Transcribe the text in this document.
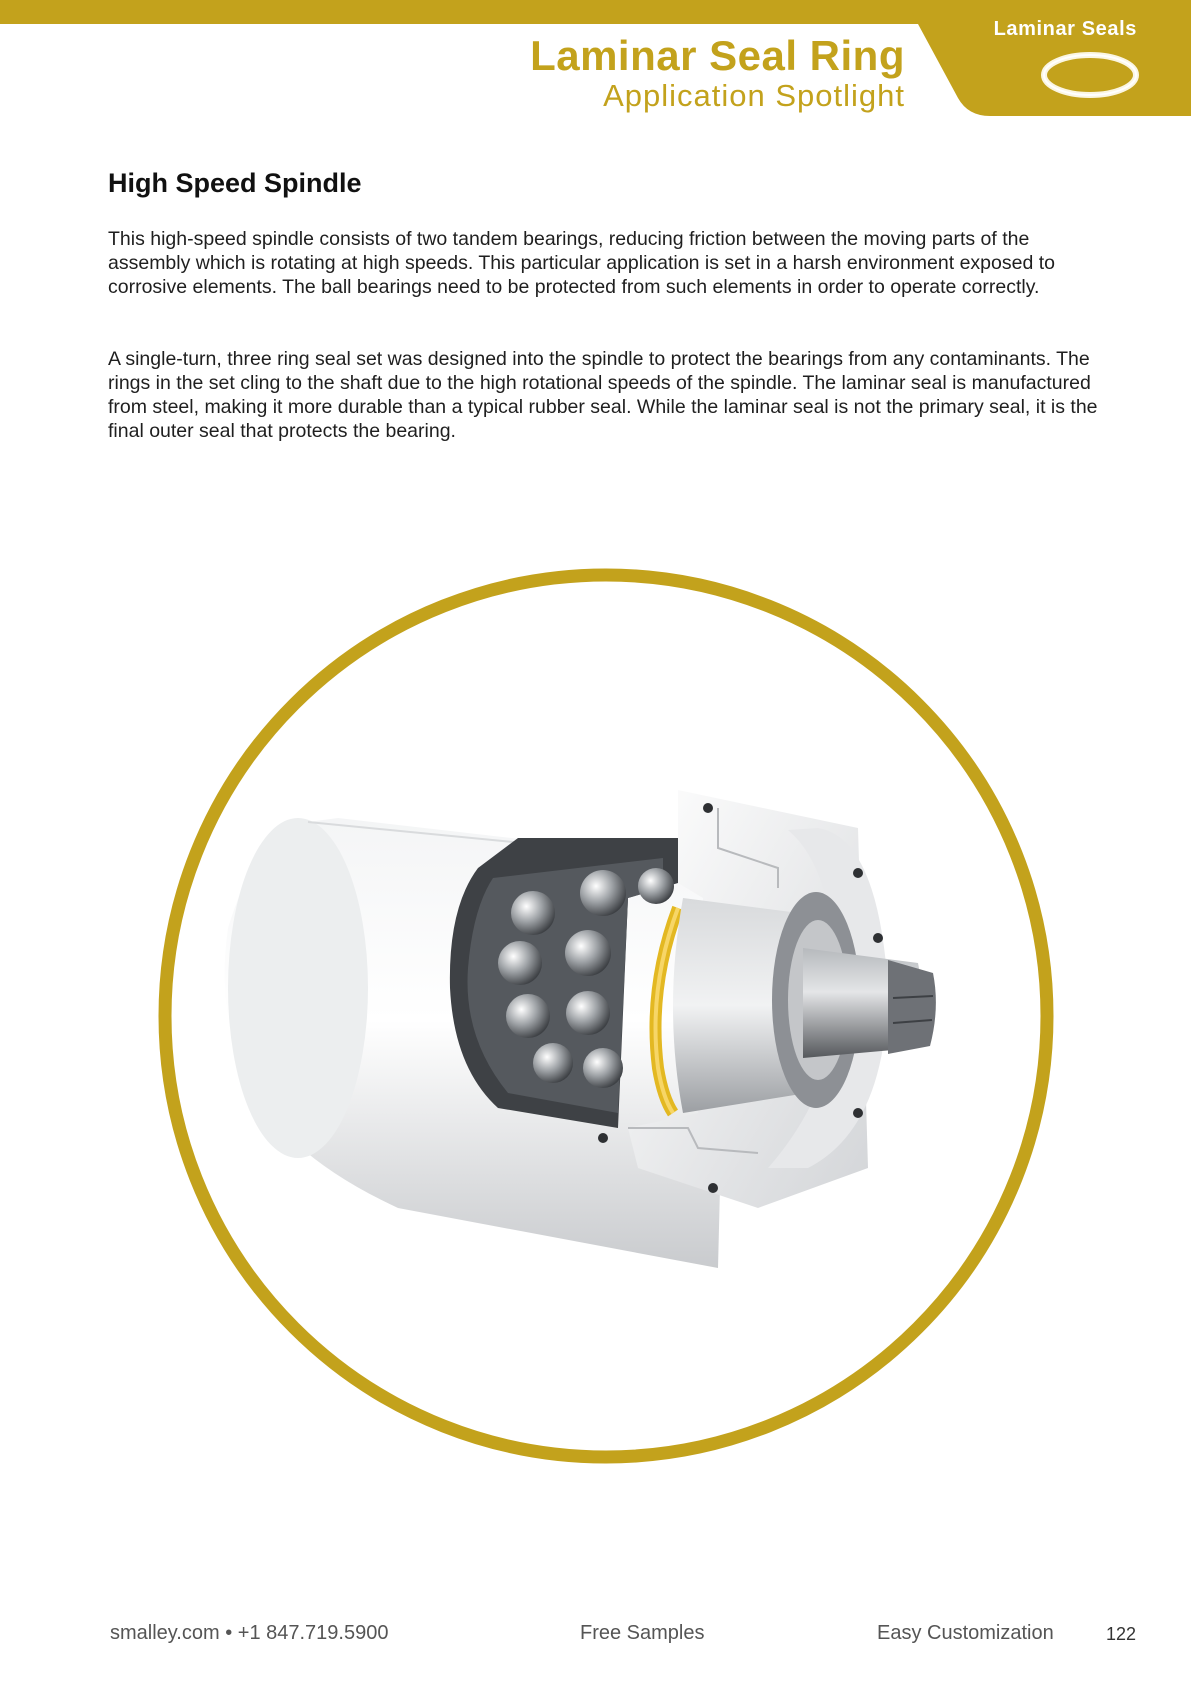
Laminar Seals
Laminar Seal Ring
Application Spotlight
High Speed Spindle

This high-speed spindle consists of two tandem bearings, reducing friction between the moving parts of the assembly which is rotating at high speeds. This particular application is set in a harsh environment exposed to corrosive elements. The ball bearings need to be protected from such elements in order to operate correctly.

A single-turn, three ring seal set was designed into the spindle to protect the bearings from any contaminants. The rings in the set cling to the shaft due to the high rotational speeds of the spindle. The laminar seal is manufactured from steel, making it more durable than a typical rubber seal. While the laminar seal is not the primary seal, it is the final outer seal that protects the bearing.

smalley.com • +1 847.719.5900	Free Samples	Easy Customization	122
